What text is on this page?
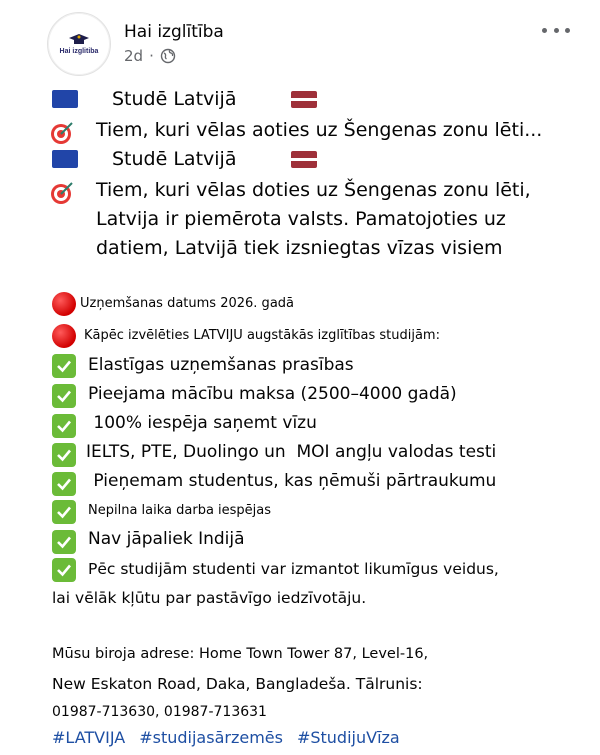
Hai izglitiba
Hai izglītība
2d ·
Studē Latvijā
Tiem, kuri vēlas aoties uz Šengenas zonu lēti...
Studē Latvijā
Tiem, kuri vēlas doties uz Šengenas zonu lēti,
Latvija ir piemērota valsts. Pamatojoties uz
datiem, Latvijā tiek izsniegtas vīzas visiem
Uzņemšanas datums 2026. gadā
Kāpēc izvēlēties LATVIJU augstākās izglītības studijām:
Elastīgas uzņemšanas prasības
Pieejama mācību maksa (2500–4000 gadā)
100% iespēja saņemt vīzu
IELTS, PTE, Duolingo un  MOI angļu valodas testi
Pieņemam studentus, kas ņēmuši pārtraukumu
Nepilna laika darba iespējas
Nav jāpaliek Indijā
Pēc studijām studenti var izmantot likumīgus veidus,
lai vēlāk kļūtu par pastāvīgo iedzīvotāju.
Mūsu biroja adrese: Home Town Tower 87, Level-16,
New Eskaton Road, Daka, Bangladeša. Tālrunis:
01987-713630, 01987-713631
#LATVIJA #studijasārzemēs #StudijuVīza
